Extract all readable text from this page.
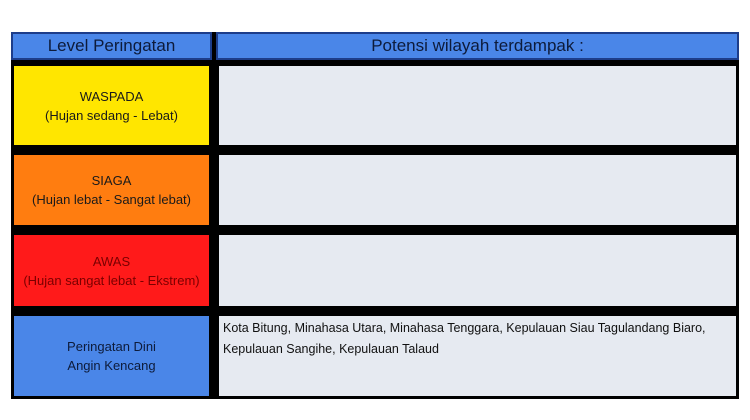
Level Peringatan	Potensi wilayah terdampak :
WASPADA
(Hujan sedang - Lebat)
SIAGA
(Hujan lebat - Sangat lebat)
AWAS
(Hujan sangat lebat - Ekstrem)
Peringatan Dini
Angin Kencang
Kota Bitung, Minahasa Utara, Minahasa Tenggara, Kepulauan Siau Tagulandang Biaro, Kepulauan Sangihe, Kepulauan Talaud
